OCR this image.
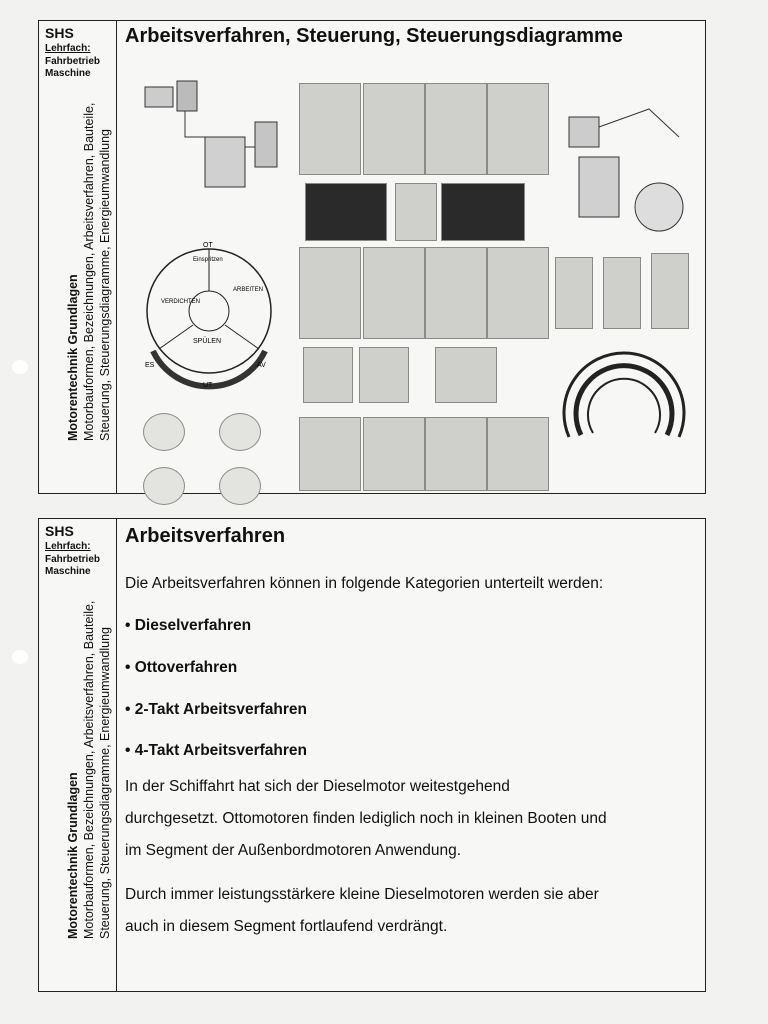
SHS
Lehrfach:
Fahrbetrieb
Maschine
Motorentechnik Grundlagen Motorbauformen, Bezeichnungen, Arbeitsverfahren, Bauteile, Steuerung, Steuerungsdiagramme, Energieumwandlung
Arbeitsverfahren, Steuerung, Steuerungsdiagramme
OT
Einspritzen
VERDICHTEN
ARBEITEN
SPÜLEN
ES	AV
UT
SHS
Lehrfach:
Fahrbetrieb
Maschine
Motorentechnik Grundlagen Motorbauformen, Bezeichnungen, Arbeitsverfahren, Bauteile, Steuerung, Steuerungsdiagramme, Energieumwandlung
Arbeitsverfahren
Die Arbeitsverfahren können in folgende Kategorien unterteilt werden:
• Dieselverfahren
• Ottoverfahren
• 2-Takt Arbeitsverfahren
• 4-Takt Arbeitsverfahren
In der Schiffahrt hat sich der Dieselmotor weitestgehend
durchgesetzt. Ottomotoren finden lediglich noch in kleinen Booten und
im Segment der Außenbordmotoren Anwendung.
Durch immer leistungsstärkere kleine Dieselmotoren werden sie aber
auch in diesem Segment fortlaufend verdrängt.
